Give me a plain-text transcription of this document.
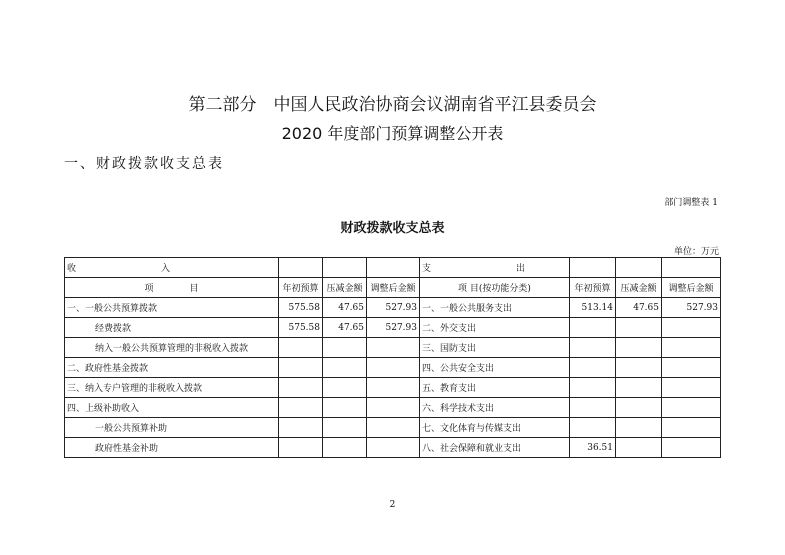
第二部分　中国人民政治协商会议湖南省平江县委员会
2020 年度部门预算调整公开表
一、财政拨款收支总表
部门调整表 1
财政拨款收支总表
单位：万元
收 入				支 出			
项　　　　目	年初预算	压减金额	调整后金额	项 目(按功能分类)	年初预算	压减金额	调整后金额
一、一般公共预算拨款	575.58	47.65	527.93	一、一般公共服务支出	513.14	47.65	527.93
经费拨款	575.58	47.65	527.93	二、外交支出			
纳入一般公共预算管理的非税收入拨款				三、国防支出			
二、政府性基金拨款				四、公共安全支出			
三、纳入专户管理的非税收入拨款				五、教育支出			
四、上级补助收入				六、科学技术支出			
一般公共预算补助				七、文化体育与传媒支出			
政府性基金补助				八、社会保障和就业支出	36.51		
2
